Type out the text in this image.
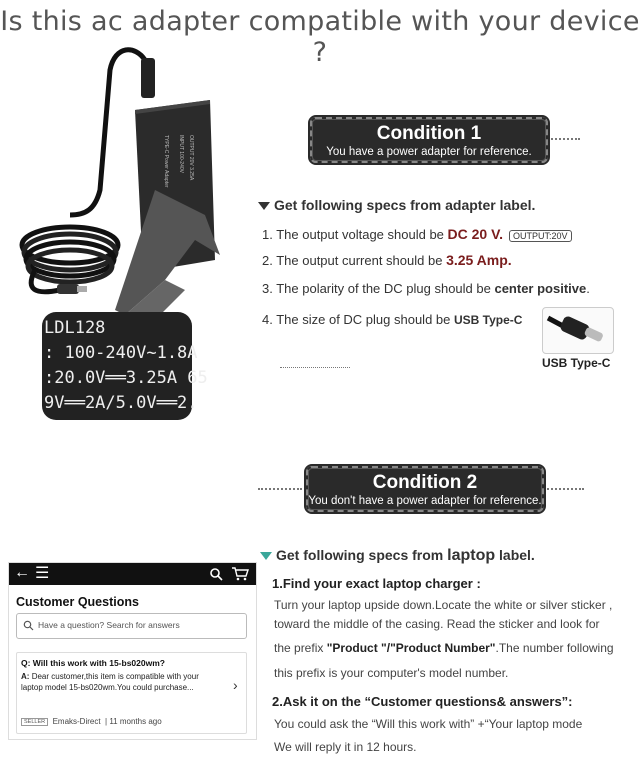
Is this ac adapter compatible with your device ?
TYPE-C Power Adapter INPUT 100-240V OUTPUT 20V 3.25A
LDL128
: 100-240V~1.8A
:20.0V══3.25A 65
9V══2A/5.0V══2.
Condition 1
You have a power adapter for reference.
Get following specs from adapter label.
1. The output voltage should be DC 20 V. OUTPUT:20V
2. The output current should be 3.25 Amp.
3. The polarity of the DC plug should be center positive.
4. The size of DC plug should be USB Type-C
USB Type-C
Condition 2
You don't have a power adapter for reference.
Get following specs from laptop label.
1.Find your exact laptop charger :
Turn your laptop upside down.Locate the white or silver sticker ,
toward the middle of the casing. Read the sticker and look for
the prefix "Product "/"Product Number".The number following
this prefix is your computer's model number.
2.Ask it on the “Customer questions& answers”:
You could ask the “Will this work with” +“Your laptop mode
We will reply it in 12 hours.
← ☰
Customer Questions
Have a question? Search for answers
Q: Will this work with 15-bs020wm?
A: Dear customer,this item is compatible with your laptop model 15-bs020wm.You could purchase...	›
SELLER Emaks-Direct  | 11 months ago
